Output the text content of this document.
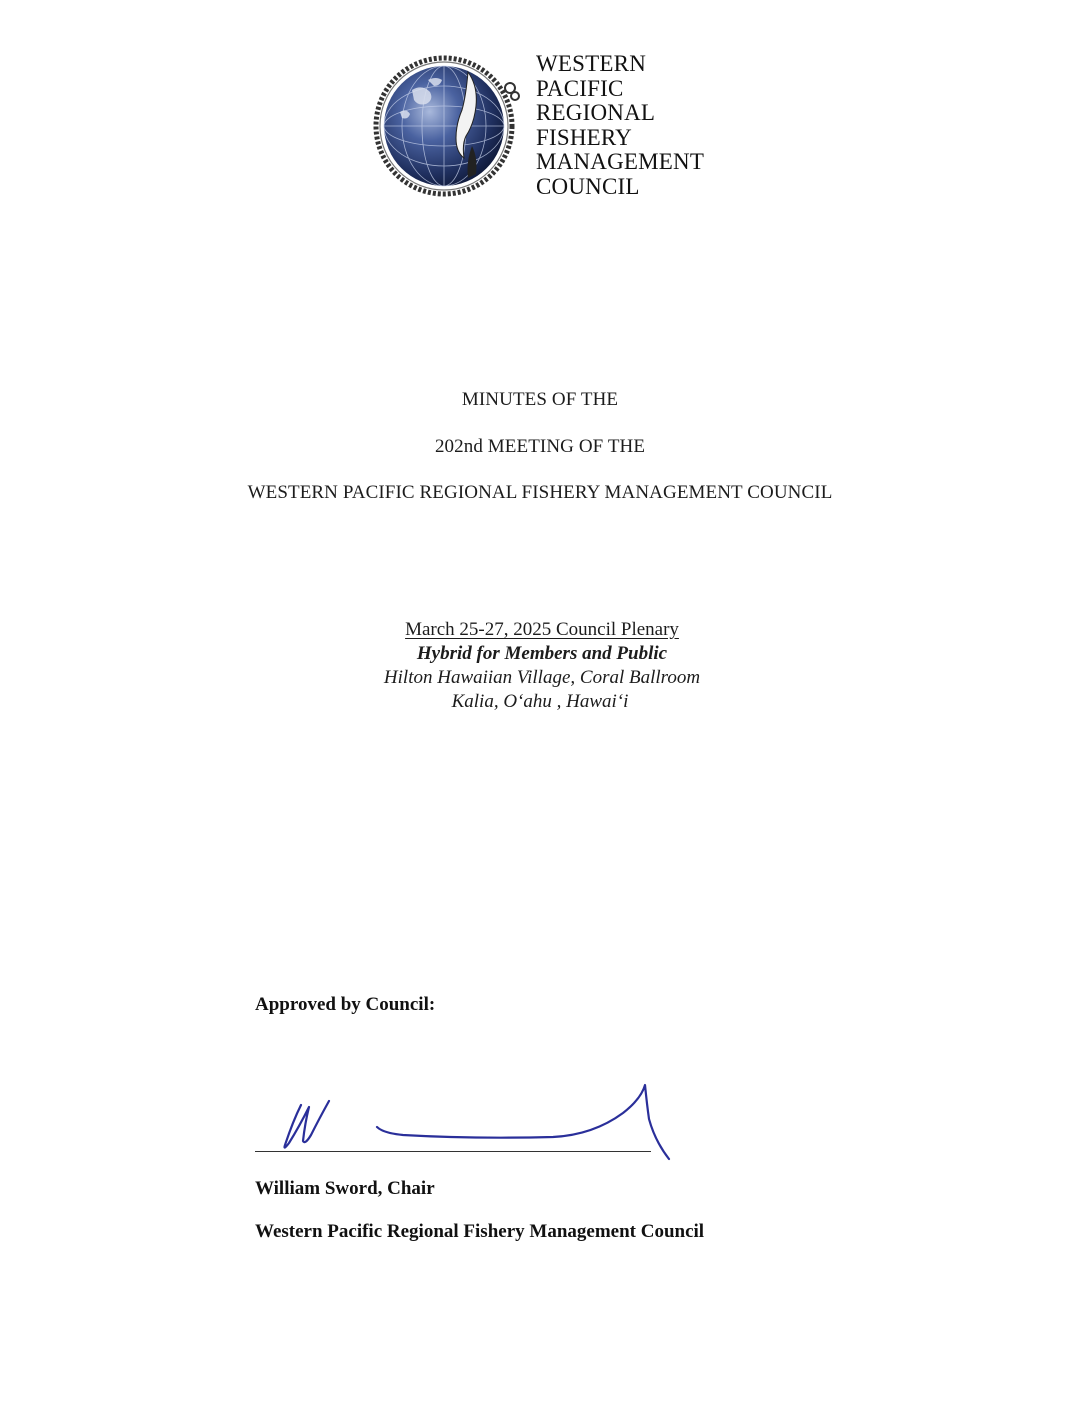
WESTERN
PACIFIC
REGIONAL
FISHERY
MANAGEMENT
COUNCIL
MINUTES OF THE
202nd MEETING OF THE
WESTERN PACIFIC REGIONAL FISHERY MANAGEMENT COUNCIL
March 25-27, 2025 Council Plenary
Hybrid for Members and Public
Hilton Hawaiian Village, Coral Ballroom
Kalia, O‘ahu , Hawai‘i
Approved by Council:
William Sword, Chair
Western Pacific Regional Fishery Management Council
